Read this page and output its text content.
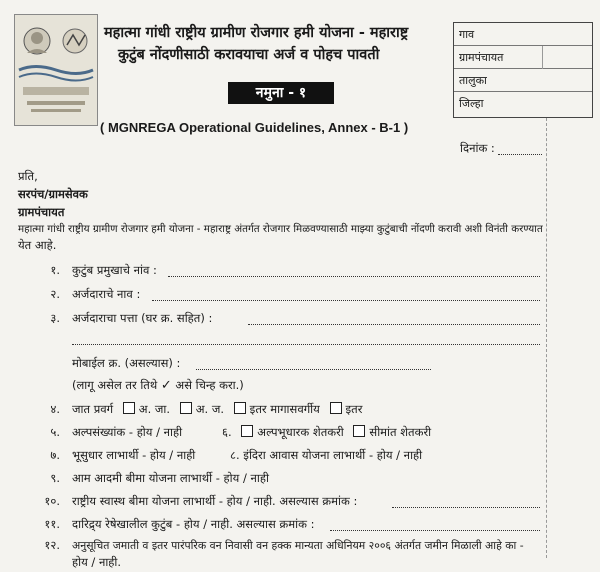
महात्मा गांधी राष्ट्रीय ग्रामीण रोजगार हमी योजना - महाराष्ट्र
कुटुंब नोंदणीसाठी करावयाचा अर्ज व पोहच पावती
नमुना - १
( MGNREGA Operational Guidelines, Annex - B-1 )
गाव
ग्रामपंचायत
तालुका
जिल्हा
दिनांक :
प्रति,
सरपंच/ग्रामसेवक
ग्रामपंचायत
महात्मा गांधी राष्ट्रीय ग्रामीण रोजगार हमी योजना - महाराष्ट्र अंतर्गत रोजगार मिळवण्यासाठी माझ्या कुटुंबाची नोंदणी करावी अशी विनंती करण्यात
येत आहे.
१. कुटुंब प्रमुखाचे नांव :
२. अर्जदाराचे नाव :
३. अर्जदाराचा पत्ता (घर क्र. सहित) :
मोबाईल क्र. (असल्यास) :
(लागू असेल तर तिथे ✓ असे चिन्ह करा.)
४. जात प्रवर्ग अ. जा. अ. ज. इतर मागासवर्गीय इतर
५. अल्पसंख्यांक - होय / नाही	६. अल्पभूधारक शेतकरी सीमांत शेतकरी
७. भूसुधार लाभार्थी - होय / नाही	८. इंदिरा आवास योजना लाभार्थी - होय / नाही
९. आम आदमी बीमा योजना लाभार्थी - होय / नाही
१०. राष्ट्रीय स्वास्थ बीमा योजना लाभार्थी - होय / नाही. असल्यास क्रमांक :
११. दारिद्र्य रेषेखालील कुटुंब - होय / नाही. असल्यास क्रमांक :
१२. अनुसूचित जमाती व इतर पारंपरिक वन निवासी वन हक्क मान्यता अधिनियम २००६ अंतर्गत जमीन मिळाली आहे का -
होय / नाही.
